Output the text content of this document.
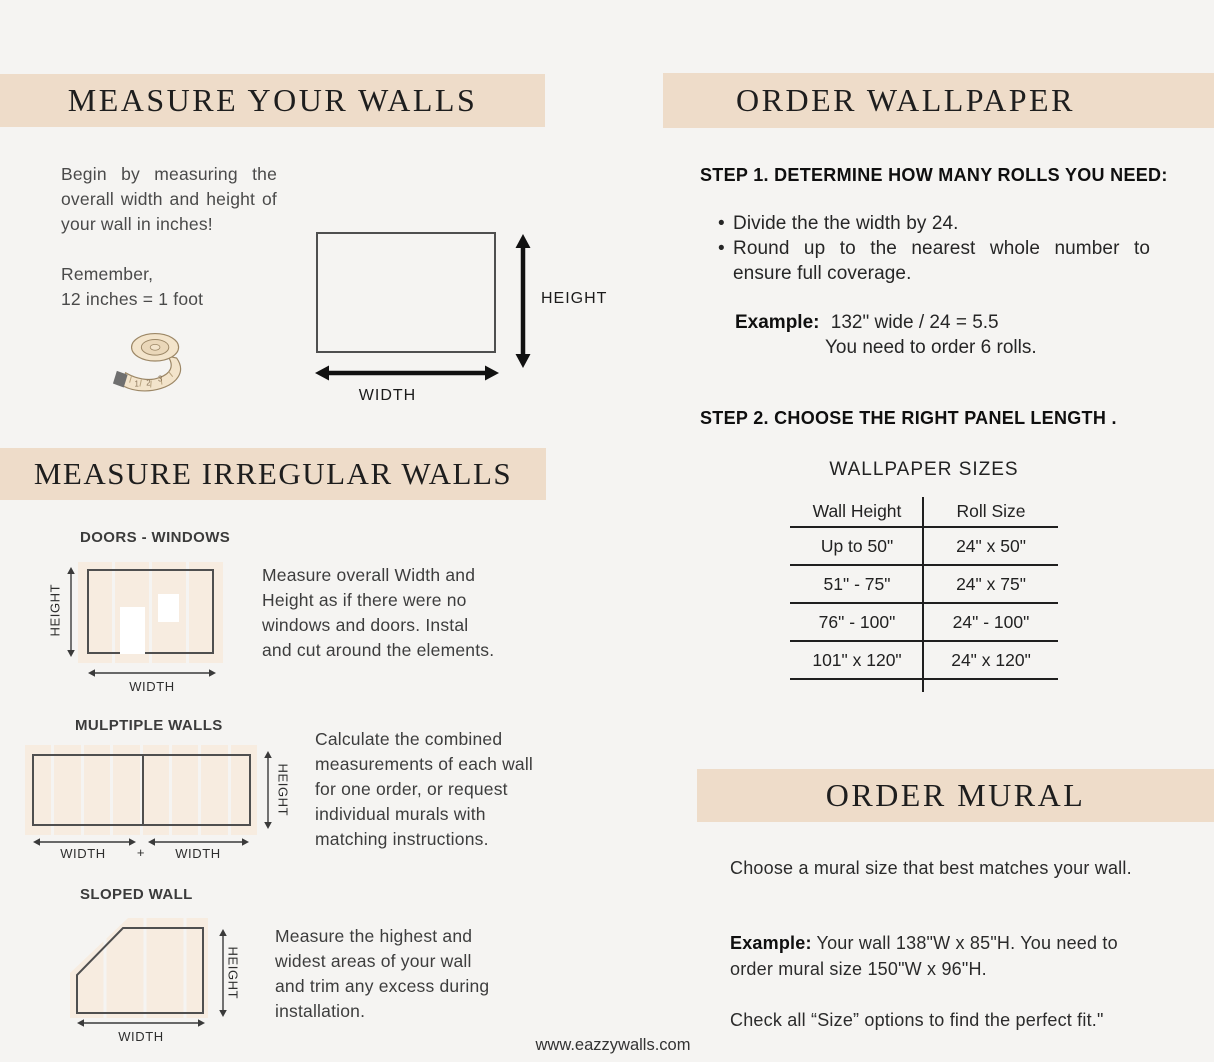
MEASURE YOUR WALLS
Begin by measuring the overall width and height of your wall in inches!
Remember,
12 inches = 1 foot
1 2 3
HEIGHT
WIDTH
MEASURE IRREGULAR WALLS
DOORS - WINDOWS
HEIGHT
WIDTH
Measure overall Width and Height as if there were no windows and doors. Instal and cut around the elements.
MULPTIPLE WALLS
HEIGHT
WIDTH	+	WIDTH
Calculate the combined measurements of each wall for one order, or request individual murals with matching instructions.
SLOPED WALL
HEIGHT
WIDTH
Measure the highest and widest areas of your wall and trim any excess during installation.
ORDER WALLPAPER
STEP 1. DETERMINE HOW MANY ROLLS YOU NEED:
• Divide the the width by 24.
• Round up to the nearest whole number to ensure full coverage.
Example: 132" wide / 24 = 5.5
You need to order 6 rolls.
STEP 2. CHOOSE THE RIGHT PANEL LENGTH .
WALLPAPER SIZES
Wall Height	Roll Size
Up to 50"	24" x 50"
51" - 75"	24" x 75"
76" - 100"	24" - 100"
101" x 120"	24" x 120"
ORDER MURAL
Choose a mural size that best matches your wall.
Example: Your wall 138"W x 85"H. You need to order mural size 150"W x 96"H.
Check all “Size” options to find the perfect fit."
www.eazzywalls.com
